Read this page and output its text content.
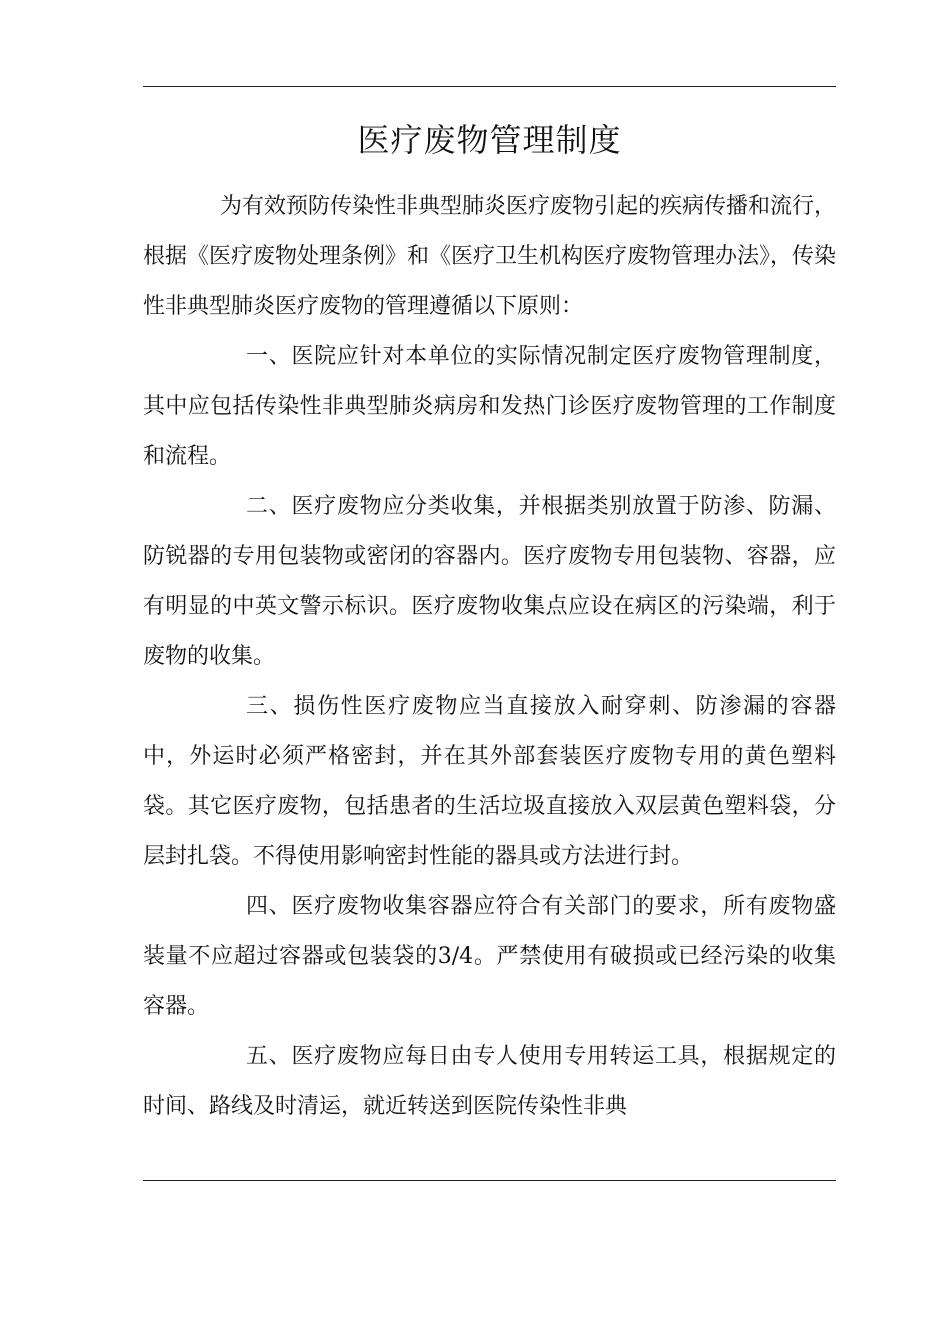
医疗废物管理制度

为有效预防传染性非典型肺炎医疗废物引起的疾病传播和流行，根据《医疗废物处理条例》和《医疗卫生机构医疗废物管理办法》，传染性非典型肺炎医疗废物的管理遵循以下原则：

一、医院应针对本单位的实际情况制定医疗废物管理制度，其中应包括传染性非典型肺炎病房和发热门诊医疗废物管理的工作制度和流程。

二、医疗废物应分类收集，并根据类别放置于防渗、防漏、防锐器的专用包装物或密闭的容器内。医疗废物专用包装物、容器，应有明显的中英文警示标识。医疗废物收集点应设在病区的污染端，利于废物的收集。

三、损伤性医疗废物应当直接放入耐穿刺、防渗漏的容器中，外运时必须严格密封，并在其外部套装医疗废物专用的黄色塑料袋。其它医疗废物，包括患者的生活垃圾直接放入双层黄色塑料袋，分层封扎袋。不得使用影响密封性能的器具或方法进行封。

四、医疗废物收集容器应符合有关部门的要求，所有废物盛装量不应超过容器或包装袋的3/4。严禁使用有破损或已经污染的收集容器。

五、医疗废物应每日由专人使用专用转运工具，根据规定的时间、路线及时清运，就近转送到医院传染性非典
